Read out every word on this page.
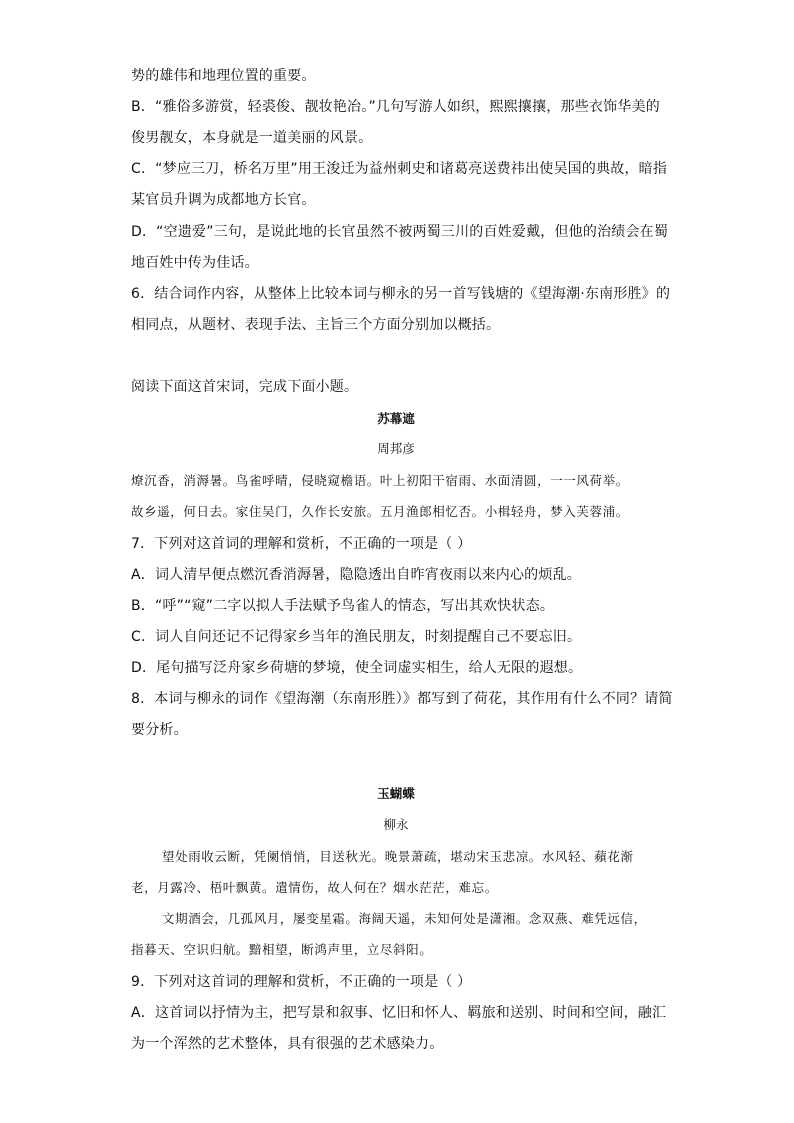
势的雄伟和地理位置的重要。
B．“雅俗多游赏，轻裘俊、靓妆艳冶。”几句写游人如织，熙熙攘攘，那些衣饰华美的
俊男靓女，本身就是一道美丽的风景。
C．“梦应三刀，桥名万里”用王浚迁为益州刺史和诸葛亮送费祎出使吴国的典故，暗指
某官员升调为成都地方长官。
D．“空遗爱”三句，是说此地的长官虽然不被两蜀三川的百姓爱戴，但他的治绩会在蜀
地百姓中传为佳话。
6．结合词作内容，从整体上比较本词与柳永的另一首写钱塘的《望海潮·东南形胜》的
相同点，从题材、表现手法、主旨三个方面分别加以概括。
阅读下面这首宋词，完成下面小题。
苏幕遮
周邦彦
燎沉香，消溽暑。鸟雀呼晴，侵晓窥檐语。叶上初阳干宿雨、水面清圆，一一风荷举。
故乡遥，何日去。家住吴门，久作长安旅。五月渔郎相忆否。小楫轻舟，梦入芙蓉浦。
7．下列对这首词的理解和赏析，不正确的一项是（ ）
A．词人清早便点燃沉香消溽暑，隐隐透出自昨宵夜雨以来内心的烦乱。
B．“呼”“窥”二字以拟人手法赋予鸟雀人的情态，写出其欢快状态。
C．词人自问还记不记得家乡当年的渔民朋友，时刻提醒自己不要忘旧。
D．尾句描写泛舟家乡荷塘的梦境，使全词虚实相生，给人无限的遐想。
8．本词与柳永的词作《望海潮（东南形胜）》都写到了荷花，其作用有什么不同？请简
要分析。
玉蝴蝶
柳永
望处雨收云断，凭阑悄悄，目送秋光。晚景萧疏，堪动宋玉悲凉。水风轻、蘋花渐
老，月露冷、梧叶飘黄。遣情伤，故人何在？烟水茫茫，难忘。
文期酒会，几孤风月，屡变星霜。海阔天遥，未知何处是潇湘。念双燕、难凭远信，
指暮天、空识归航。黯相望，断鸿声里，立尽斜阳。
9．下列对这首词的理解和赏析，不正确的一项是（ ）
A．这首词以抒情为主，把写景和叙事、忆旧和怀人、羁旅和送别、时间和空间，融汇
为一个浑然的艺术整体，具有很强的艺术感染力。
